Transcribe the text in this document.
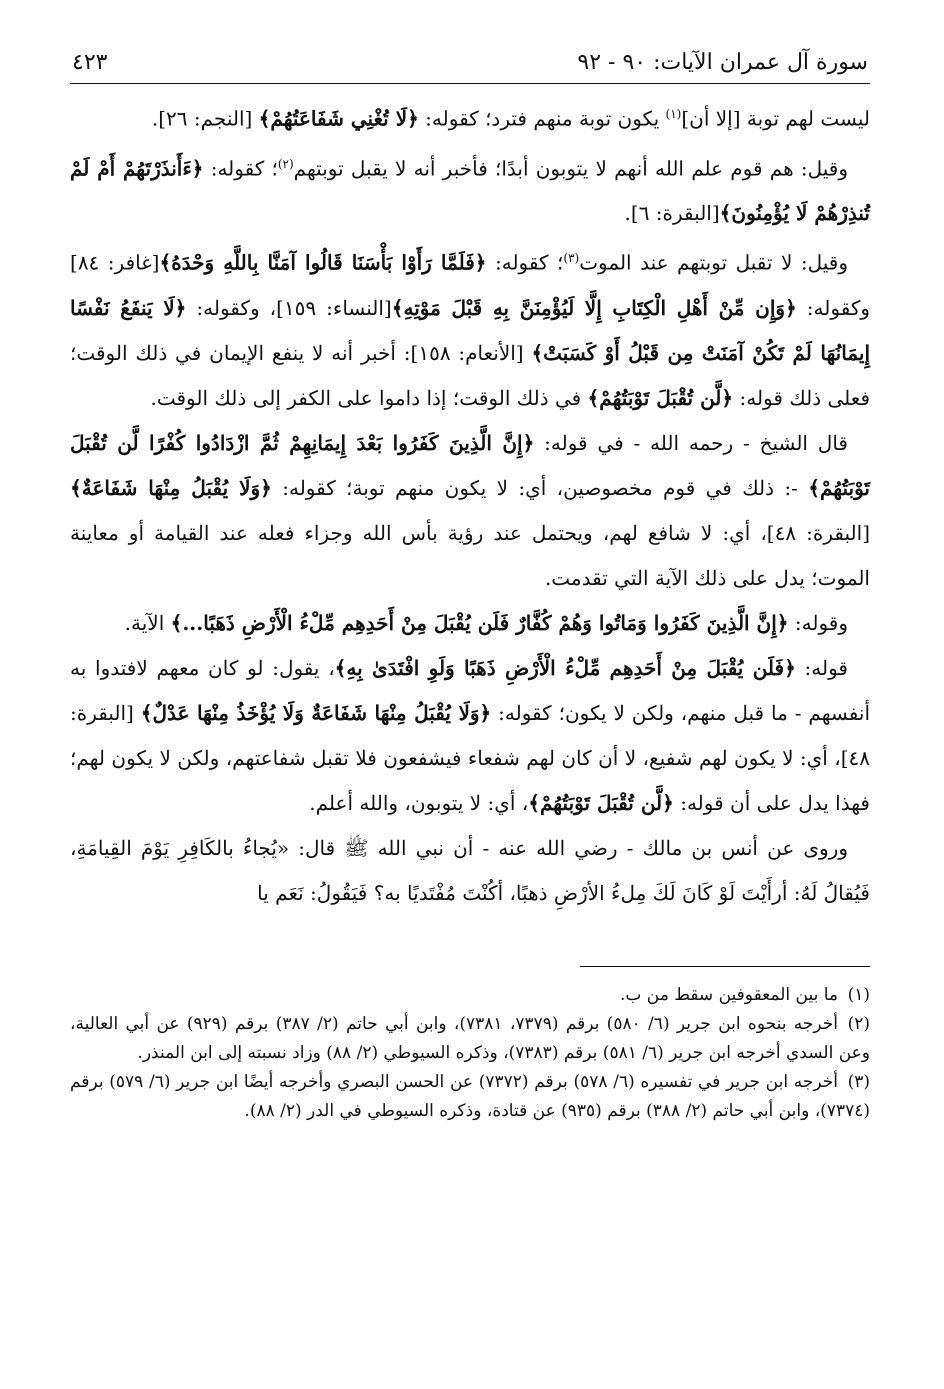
سورة آل عمران الآيات: ٩٠ - ٩٢
٤٢٣

ليست لهم توبة [إلا أن]$^{(١)}$ يكون توبة منهم فترد؛ كقوله: ﴿لَا تُغْنِي شَفَاعَتُهُمْ﴾ [النجم: ٢٦].

وقيل: هم قوم علم الله أنهم لا يتوبون أبدًا؛ فأخبر أنه لا يقبل توبتهم$^{(٢)}$؛ كقوله: ﴿ءَأَنذَرْتَهُمْ أَمْ لَمْ تُنذِرْهُمْ لَا يُؤْمِنُونَ﴾[البقرة: ٦].

وقيل: لا تقبل توبتهم عند الموت$^{(٣)}$؛ كقوله: ﴿فَلَمَّا رَأَوْا بَأْسَنَا قَالُوا آمَنَّا بِاللَّهِ وَحْدَهُ﴾[غافر: ٨٤] وكقوله: ﴿وَإِن مِّنْ أَهْلِ الْكِتَابِ إِلَّا لَيُؤْمِنَنَّ بِهِ قَبْلَ مَوْتِهِ﴾[النساء: ١٥٩]، وكقوله: ﴿لَا يَنفَعُ نَفْسًا إِيمَانُهَا لَمْ تَكُنْ آمَنَتْ مِن قَبْلُ أَوْ كَسَبَتْ﴾ [الأنعام: ١٥٨]: أخبر أنه لا ينفع الإيمان في ذلك الوقت؛ فعلى ذلك قوله: ﴿لَّن تُقْبَلَ تَوْبَتُهُمْ﴾ في ذلك الوقت؛ إذا داموا على الكفر إلى ذلك الوقت.

قال الشيخ - رحمه الله - في قوله: ﴿إِنَّ الَّذِينَ كَفَرُوا بَعْدَ إِيمَانِهِمْ ثُمَّ ازْدَادُوا كُفْرًا لَّن تُقْبَلَ تَوْبَتُهُمْ﴾ -: ذلك في قوم مخصوصين، أي: لا يكون منهم توبة؛ كقوله: ﴿وَلَا يُقْبَلُ مِنْهَا شَفَاعَةٌ﴾ [البقرة: ٤٨]، أي: لا شافع لهم، ويحتمل عند رؤية بأس الله وجزاء فعله عند القيامة أو معاينة الموت؛ يدل على ذلك الآية التي تقدمت.

وقوله: ﴿إِنَّ الَّذِينَ كَفَرُوا وَمَاتُوا وَهُمْ كُفَّارٌ فَلَن يُقْبَلَ مِنْ أَحَدِهِم مِّلْءُ الْأَرْضِ ذَهَبًا...﴾ الآية.

قوله: ﴿فَلَن يُقْبَلَ مِنْ أَحَدِهِم مِّلْءُ الْأَرْضِ ذَهَبًا وَلَوِ افْتَدَىٰ بِهِ﴾، يقول: لو كان معهم لافتدوا به أنفسهم - ما قبل منهم، ولكن لا يكون؛ كقوله: ﴿وَلَا يُقْبَلُ مِنْهَا شَفَاعَةٌ وَلَا يُؤْخَذُ مِنْهَا عَدْلٌ﴾ [البقرة: ٤٨]، أي: لا يكون لهم شفيع، لا أن كان لهم شفعاء فيشفعون فلا تقبل شفاعتهم، ولكن لا يكون لهم؛ فهذا يدل على أن قوله: ﴿لَّن تُقْبَلَ تَوْبَتُهُمْ﴾، أي: لا يتوبون، والله أعلم.

وروى عن أنس بن مالك - رضي الله عنه - أن نبي الله ﷺ قال: «يُجاءُ بالكَافِرِ يَوْمَ القِيامَةِ، فَيُقالُ لَهُ: أرأَيْتَ لَوْ كَانَ لَكَ مِلءُ الأرْضِ ذهبًا، أكُنْتَ مُفْتَديًا به؟ فَيَقُولُ: نَعَم يا

(١)ما بين المعقوفين سقط من ب.

(٢)أخرجه بنحوه ابن جرير (٦/ ٥٨٠) برقم (٧٣٧٩، ٧٣٨١)، وابن أبي حاتم (٢/ ٣٨٧) برقم (٩٢٩) عن أبي العالية، وعن السدي أخرجه ابن جرير (٦/ ٥٨١) برقم (٧٣٨٣)، وذكره السيوطي (٢/ ٨٨) وزاد نسبته إلى ابن المنذر.

(٣)أخرجه ابن جرير في تفسيره (٦/ ٥٧٨) برقم (٧٣٧٢) عن الحسن البصري وأخرجه أيضًا ابن جرير (٦/ ٥٧٩) برقم (٧٣٧٤)، وابن أبي حاتم (٢/ ٣٨٨) برقم (٩٣٥) عن قتادة، وذكره السيوطي في الدر (٢/ ٨٨).
